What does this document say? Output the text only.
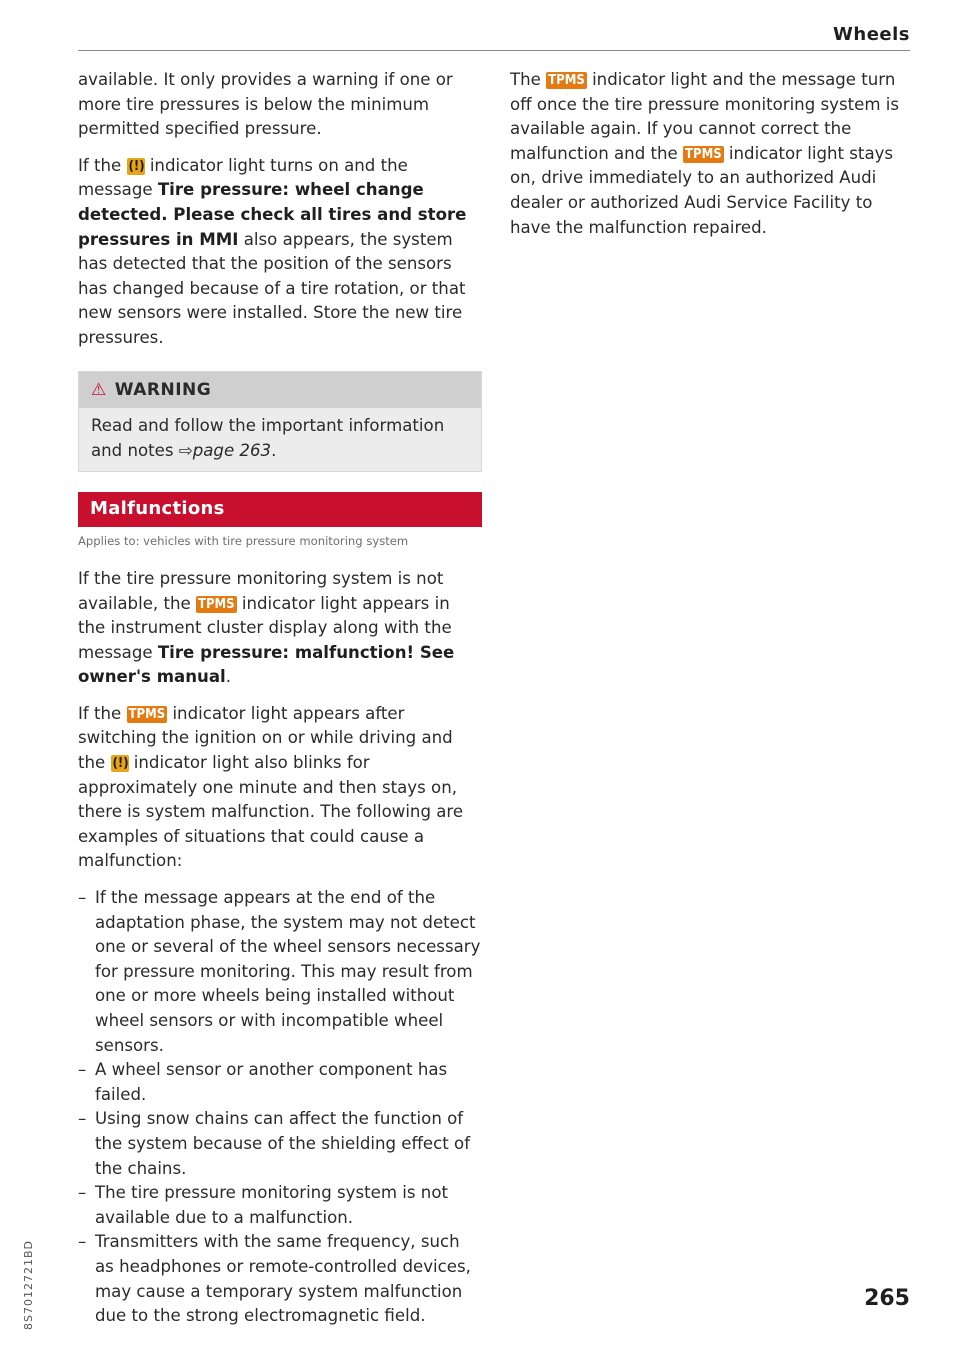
Wheels

available. It only provides a warning if one or more tire pressures is below the minimum permitted specified pressure.

If the (!) indicator light turns on and the message Tire pressure: wheel change detected. Please check all tires and store pressures in MMI also appears, the system has detected that the position of the sensors has changed because of a tire rotation, or that new sensors were installed. Store the new tire pressures.

⚠ WARNING
Read and follow the important information and notes ⇨page 263.
Malfunctions
Applies to: vehicles with tire pressure monitoring system

If the tire pressure monitoring system is not available, the TPMS indicator light appears in the instrument cluster display along with the message Tire pressure: malfunction! See owner's manual.

If the TPMS indicator light appears after switching the ignition on or while driving and the (!) indicator light also blinks for approximately one minute and then stays on, there is system malfunction. The following are examples of situations that could cause a malfunction:

– If the message appears at the end of the adaptation phase, the system may not detect one or several of the wheel sensors necessary for pressure monitoring. This may result from one or more wheels being installed without wheel sensors or with incompatible wheel sensors.
– A wheel sensor or another component has failed.
– Using snow chains can affect the function of the system because of the shielding effect of the chains.
– The tire pressure monitoring system is not available due to a malfunction.
– Transmitters with the same frequency, such as headphones or remote-controlled devices, may cause a temporary system malfunction due to the strong electromagnetic field.

The TPMS indicator light and the message turn off once the tire pressure monitoring system is available again. If you cannot correct the malfunction and the TPMS indicator light stays on, drive immediately to an authorized Audi dealer or authorized Audi Service Facility to have the malfunction repaired.

265
8S7012721BD
